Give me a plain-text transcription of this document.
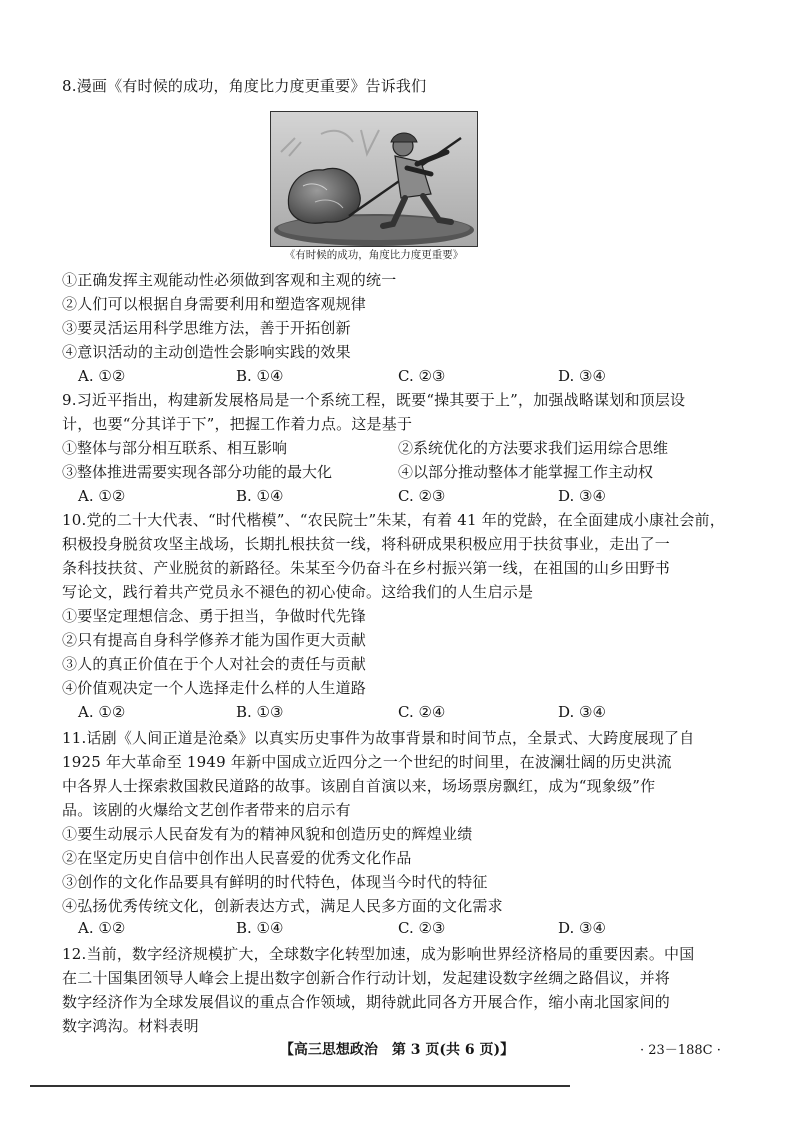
8.漫画《有时候的成功，角度比力度更重要》告诉我们
《有时候的成功，角度比力度更重要》
①正确发挥主观能动性必须做到客观和主观的统一
②人们可以根据自身需要利用和塑造客观规律
③要灵活运用科学思维方法，善于开拓创新
④意识活动的主动创造性会影响实践的效果
A. ①②	B. ①④	C. ②③	D. ③④
9.习近平指出，构建新发展格局是一个系统工程，既要“操其要于上”，加强战略谋划和顶层设
计，也要“分其详于下”，把握工作着力点。这是基于
①整体与部分相互联系、相互影响	②系统优化的方法要求我们运用综合思维
③整体推进需要实现各部分功能的最大化	④以部分推动整体才能掌握工作主动权
A. ①②	B. ①④	C. ②③	D. ③④
10.党的二十大代表、“时代楷模”、“农民院士”朱某，有着 41 年的党龄，在全面建成小康社会前，
积极投身脱贫攻坚主战场，长期扎根扶贫一线，将科研成果积极应用于扶贫事业，走出了一
条科技扶贫、产业脱贫的新路径。朱某至今仍奋斗在乡村振兴第一线，在祖国的山乡田野书
写论文，践行着共产党员永不褪色的初心使命。这给我们的人生启示是
①要坚定理想信念、勇于担当，争做时代先锋
②只有提高自身科学修养才能为国作更大贡献
③人的真正价值在于个人对社会的责任与贡献
④价值观决定一个人选择走什么样的人生道路
A. ①②	B. ①③	C. ②④	D. ③④
11.话剧《人间正道是沧桑》以真实历史事件为故事背景和时间节点，全景式、大跨度展现了自
1925 年大革命至 1949 年新中国成立近四分之一个世纪的时间里，在波澜壮阔的历史洪流
中各界人士探索救国救民道路的故事。该剧自首演以来，场场票房飘红，成为“现象级”作
品。该剧的火爆给文艺创作者带来的启示有
①要生动展示人民奋发有为的精神风貌和创造历史的辉煌业绩
②在坚定历史自信中创作出人民喜爱的优秀文化作品
③创作的文化作品要具有鲜明的时代特色，体现当今时代的特征
④弘扬优秀传统文化，创新表达方式，满足人民多方面的文化需求
A. ①②	B. ①④	C. ②③	D. ③④
12.当前，数字经济规模扩大，全球数字化转型加速，成为影响世界经济格局的重要因素。中国
在二十国集团领导人峰会上提出数字创新合作行动计划，发起建设数字丝绸之路倡议，并将
数字经济作为全球发展倡议的重点合作领域，期待就此同各方开展合作，缩小南北国家间的
数字鸿沟。材料表明
【高三思想政治　第 3 页(共 6 页)】	· 23－188C ·
